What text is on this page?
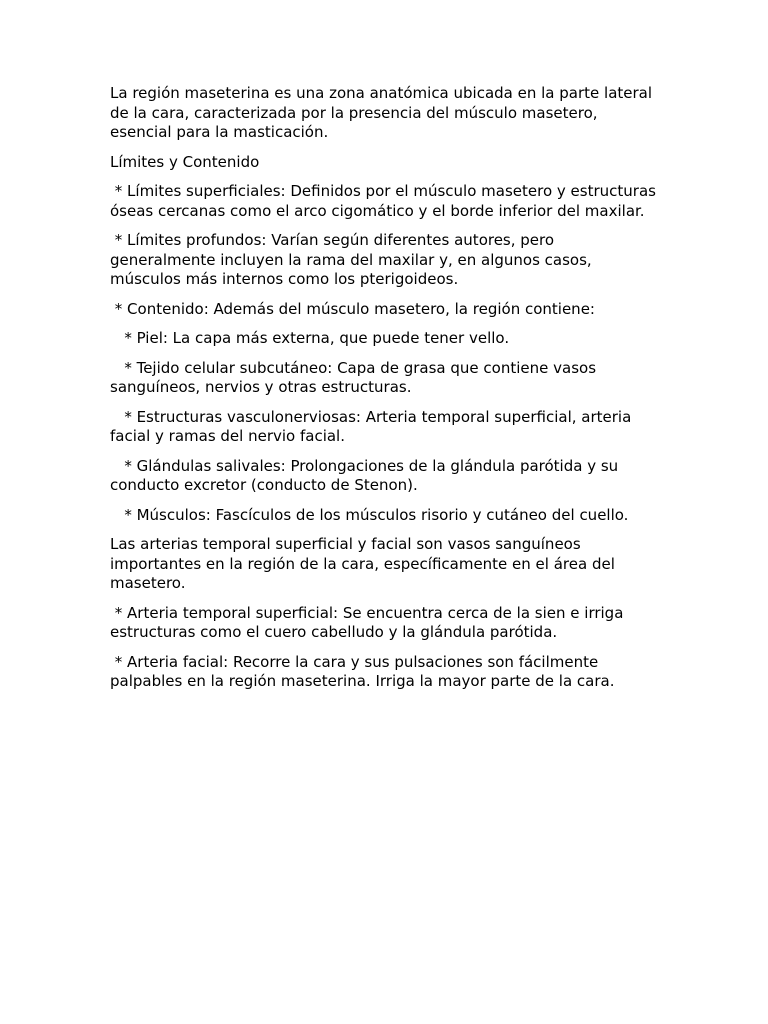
La región maseterina es una zona anatómica ubicada en la parte lateral de la cara, caracterizada por la presencia del músculo masetero, esencial para la masticación.

Límites y Contenido

* Límites superficiales: Definidos por el músculo masetero y estructuras óseas cercanas como el arco cigomático y el borde inferior del maxilar.

* Límites profundos: Varían según diferentes autores, pero generalmente incluyen la rama del maxilar y, en algunos casos, músculos más internos como los pterigoideos.

* Contenido: Además del músculo masetero, la región contiene:

* Piel: La capa más externa, que puede tener vello.

* Tejido celular subcutáneo: Capa de grasa que contiene vasos sanguíneos, nervios y otras estructuras.

* Estructuras vasculonerviosas: Arteria temporal superficial, arteria facial y ramas del nervio facial.

* Glándulas salivales: Prolongaciones de la glándula parótida y su conducto excretor (conducto de Stenon).

* Músculos: Fascículos de los músculos risorio y cutáneo del cuello.

Las arterias temporal superficial y facial son vasos sanguíneos importantes en la región de la cara, específicamente en el área del masetero.

* Arteria temporal superficial: Se encuentra cerca de la sien e irriga estructuras como el cuero cabelludo y la glándula parótida.

* Arteria facial: Recorre la cara y sus pulsaciones son fácilmente palpables en la región maseterina. Irriga la mayor parte de la cara.
